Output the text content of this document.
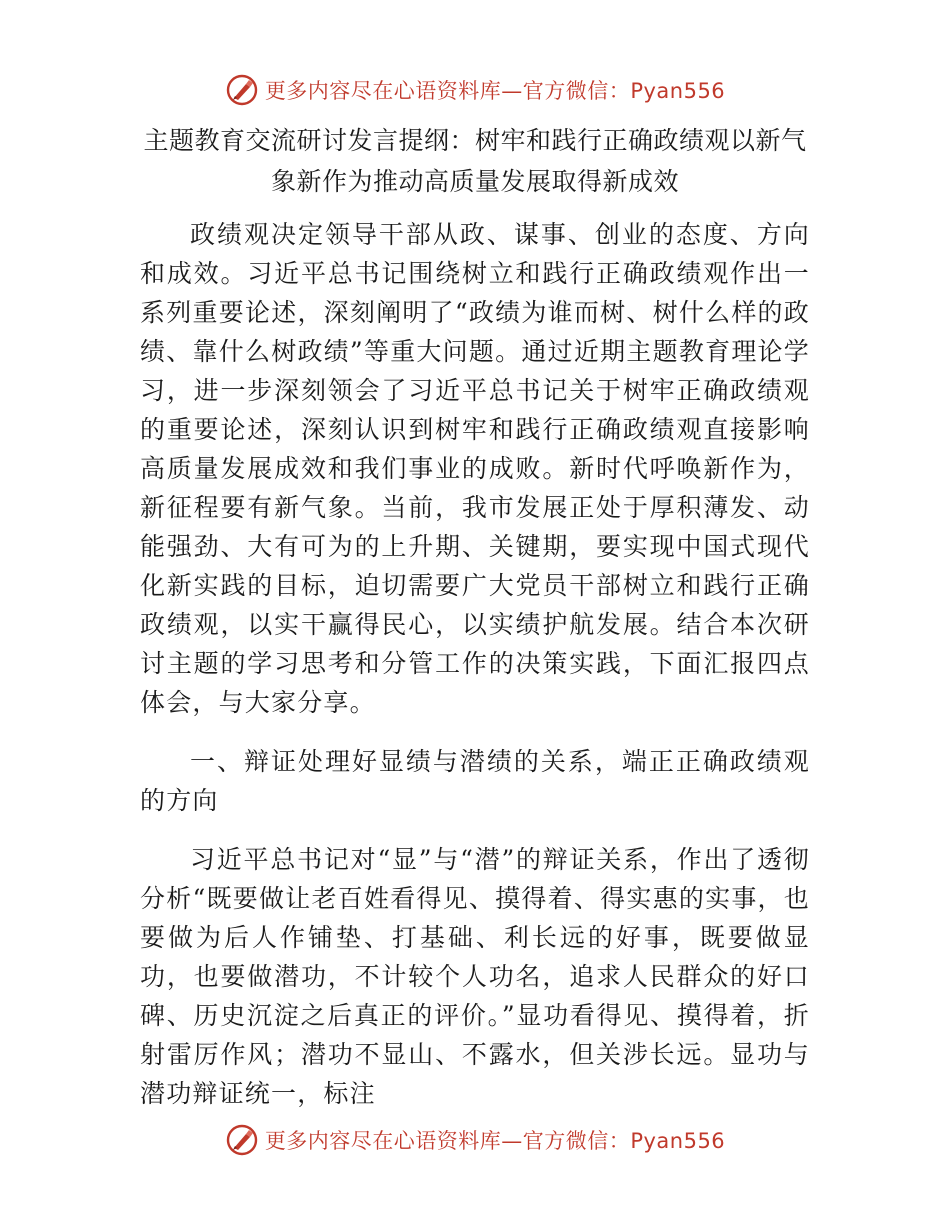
更多内容尽在心语资料库—官方微信：Pyan556
主题教育交流研讨发言提纲：树牢和践行正确政绩观以新气象新作为推动高质量发展取得新成效

政绩观决定领导干部从政、谋事、创业的态度、方向和成效。习近平总书记围绕树立和践行正确政绩观作出一系列重要论述，深刻阐明了“政绩为谁而树、树什么样的政绩、靠什么树政绩”等重大问题。通过近期主题教育理论学习，进一步深刻领会了习近平总书记关于树牢正确政绩观的重要论述，深刻认识到树牢和践行正确政绩观直接影响高质量发展成效和我们事业的成败。新时代呼唤新作为，新征程要有新气象。当前，我市发展正处于厚积薄发、动能强劲、大有可为的上升期、关键期，要实现中国式现代化新实践的目标，迫切需要广大党员干部树立和践行正确政绩观，以实干赢得民心，以实绩护航发展。结合本次研讨主题的学习思考和分管工作的决策实践，下面汇报四点体会，与大家分享。

一、辩证处理好显绩与潜绩的关系，端正正确政绩观的方向

习近平总书记对“显”与“潜”的辩证关系，作出了透彻分析“既要做让老百姓看得见、摸得着、得实惠的实事，也要做为后人作铺垫、打基础、利长远的好事，既要做显功，也要做潜功，不计较个人功名，追求人民群众的好口碑、历史沉淀之后真正的评价。”显功看得见、摸得着，折射雷厉作风；潜功不显山、不露水，但关涉长远。显功与潜功辩证统一，标注

更多内容尽在心语资料库—官方微信：Pyan556
